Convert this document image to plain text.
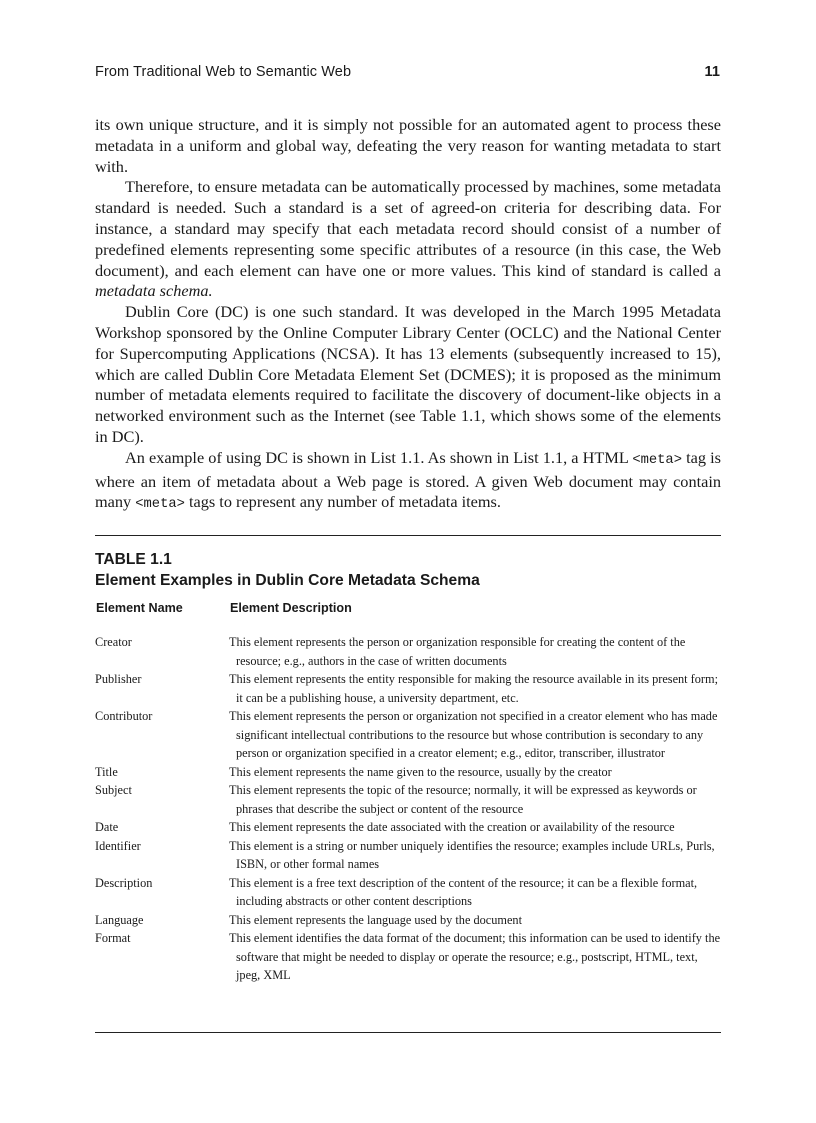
From Traditional Web to Semantic Web	11

its own unique structure, and it is simply not possible for an automated agent to process these metadata in a uniform and global way, defeating the very reason for wanting metadata to start with.

Therefore, to ensure metadata can be automatically processed by machines, some metadata standard is needed. Such a standard is a set of agreed-on criteria for describing data. For instance, a standard may specify that each metadata record should consist of a number of predefined elements representing some specific attributes of a resource (in this case, the Web document), and each element can have one or more values. This kind of standard is called a metadata schema.

Dublin Core (DC) is one such standard. It was developed in the March 1995 Metadata Workshop sponsored by the Online Computer Library Center (OCLC) and the National Center for Supercomputing Applications (NCSA). It has 13 elements (subsequently increased to 15), which are called Dublin Core Metadata Element Set (DCMES); it is proposed as the minimum number of metadata elements required to facilitate the discovery of document-like objects in a networked environment such as the Internet (see Table 1.1, which shows some of the elements in DC).

An example of using DC is shown in List 1.1. As shown in List 1.1, a HTML <meta> tag is where an item of metadata about a Web page is stored. A given Web document may contain many <meta> tags to represent any number of metadata items.

TABLE 1.1
Element Examples in Dublin Core Metadata Schema
Element Name	Element Description
Creator	This element represents the person or organization responsible for creating the content of the resource; e.g., authors in the case of written documents
Publisher	This element represents the entity responsible for making the resource available in its present form; it can be a publishing house, a university department, etc.
Contributor	This element represents the person or organization not specified in a creator element who has made significant intellectual contributions to the resource but whose contribution is secondary to any person or organization specified in a creator element; e.g., editor, transcriber, illustrator
Title	This element represents the name given to the resource, usually by the creator
Subject	This element represents the topic of the resource; normally, it will be expressed as keywords or phrases that describe the subject or content of the resource
Date	This element represents the date associated with the creation or availability of the resource
Identifier	This element is a string or number uniquely identifies the resource; examples include URLs, Purls, ISBN, or other formal names
Description	This element is a free text description of the content of the resource; it can be a flexible format, including abstracts or other content descriptions
Language	This element represents the language used by the document
Format	This element identifies the data format of the document; this information can be used to identify the software that might be needed to display or operate the resource; e.g., postscript, HTML, text, jpeg, XML
